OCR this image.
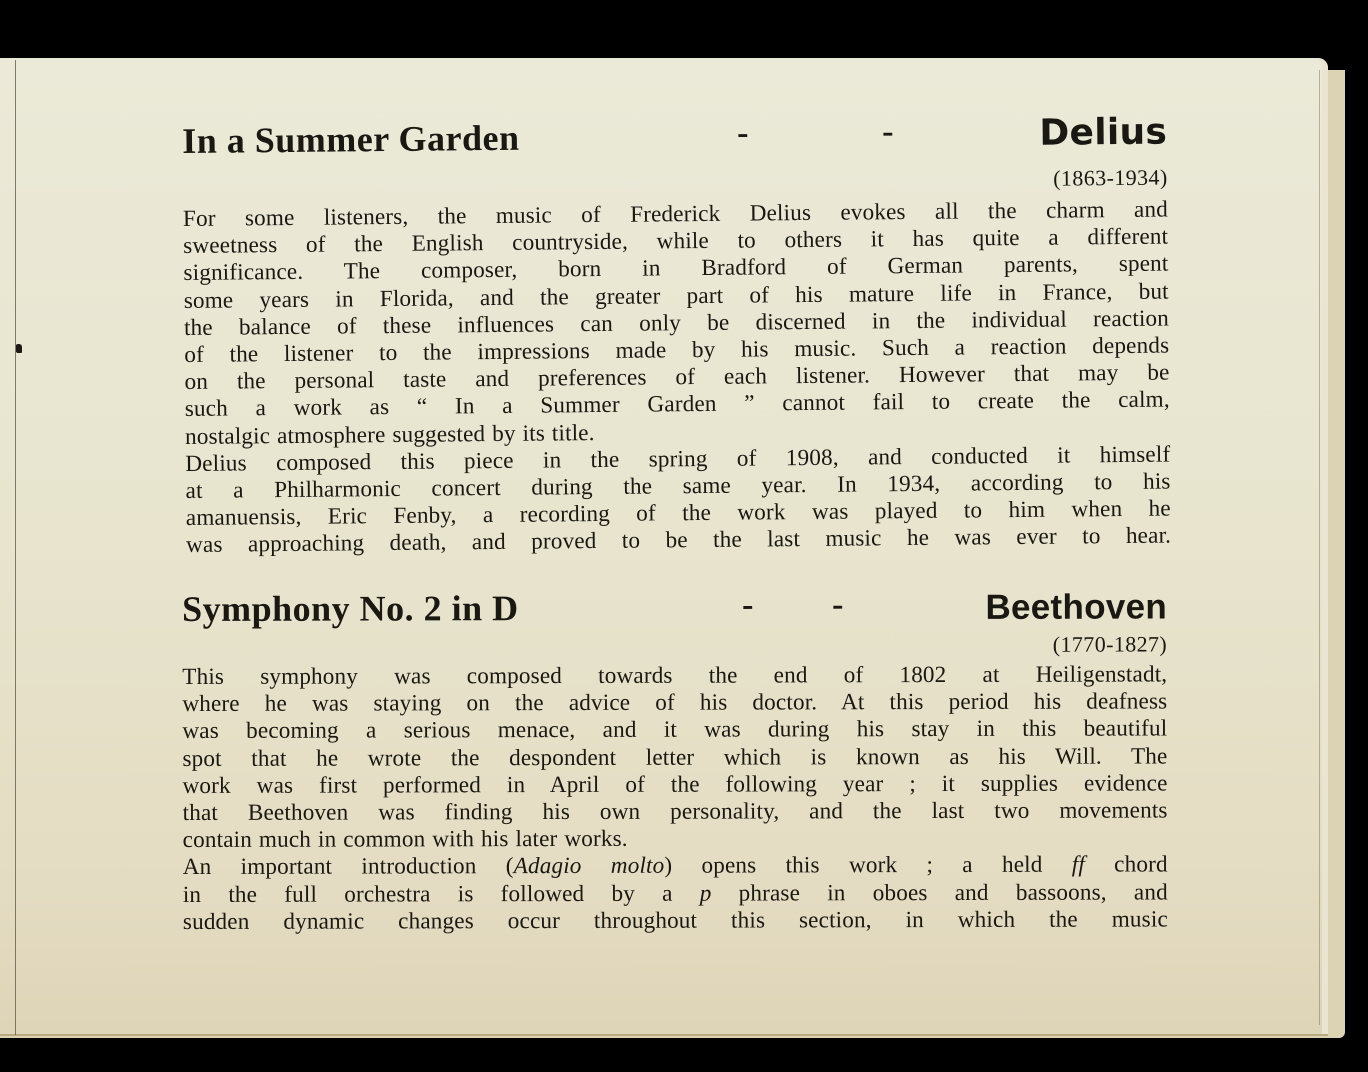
In a Summer Garden	-	-	Delius
(1863-1934)

For some listeners, the music of Frederick Delius evokes all the charm and
sweetness of the English countryside, while to others it has quite a different
significance. The composer, born in Bradford of German parents, spent
some years in Florida, and the greater part of his mature life in France, but
the balance of these influences can only be discerned in the individual reaction
of the listener to the impressions made by his music. Such a reaction depends
on the personal taste and preferences of each listener. However that may be
such a work as “ In a Summer Garden ” cannot fail to create the calm,
nostalgic atmosphere suggested by its title.

Delius composed this piece in the spring of 1908, and conducted it himself
at a Philharmonic concert during the same year. In 1934, according to his
amanuensis, Eric Fenby, a recording of the work was played to him when he
was approaching death, and proved to be the last music he was ever to hear.

Symphony No. 2 in D	- -	Beethoven
(1770-1827)

This symphony was composed towards the end of 1802 at Heiligenstadt,
where he was staying on the advice of his doctor. At this period his deafness
was becoming a serious menace, and it was during his stay in this beautiful
spot that he wrote the despondent letter which is known as his Will. The
work was first performed in April of the following year ; it supplies evidence
that Beethoven was finding his own personality, and the last two movements
contain much in common with his later works.

An important introduction (Adagio molto) opens this work ; a held ff chord
in the full orchestra is followed by a p phrase in oboes and bassoons, and
sudden dynamic changes occur throughout this section, in which the music
